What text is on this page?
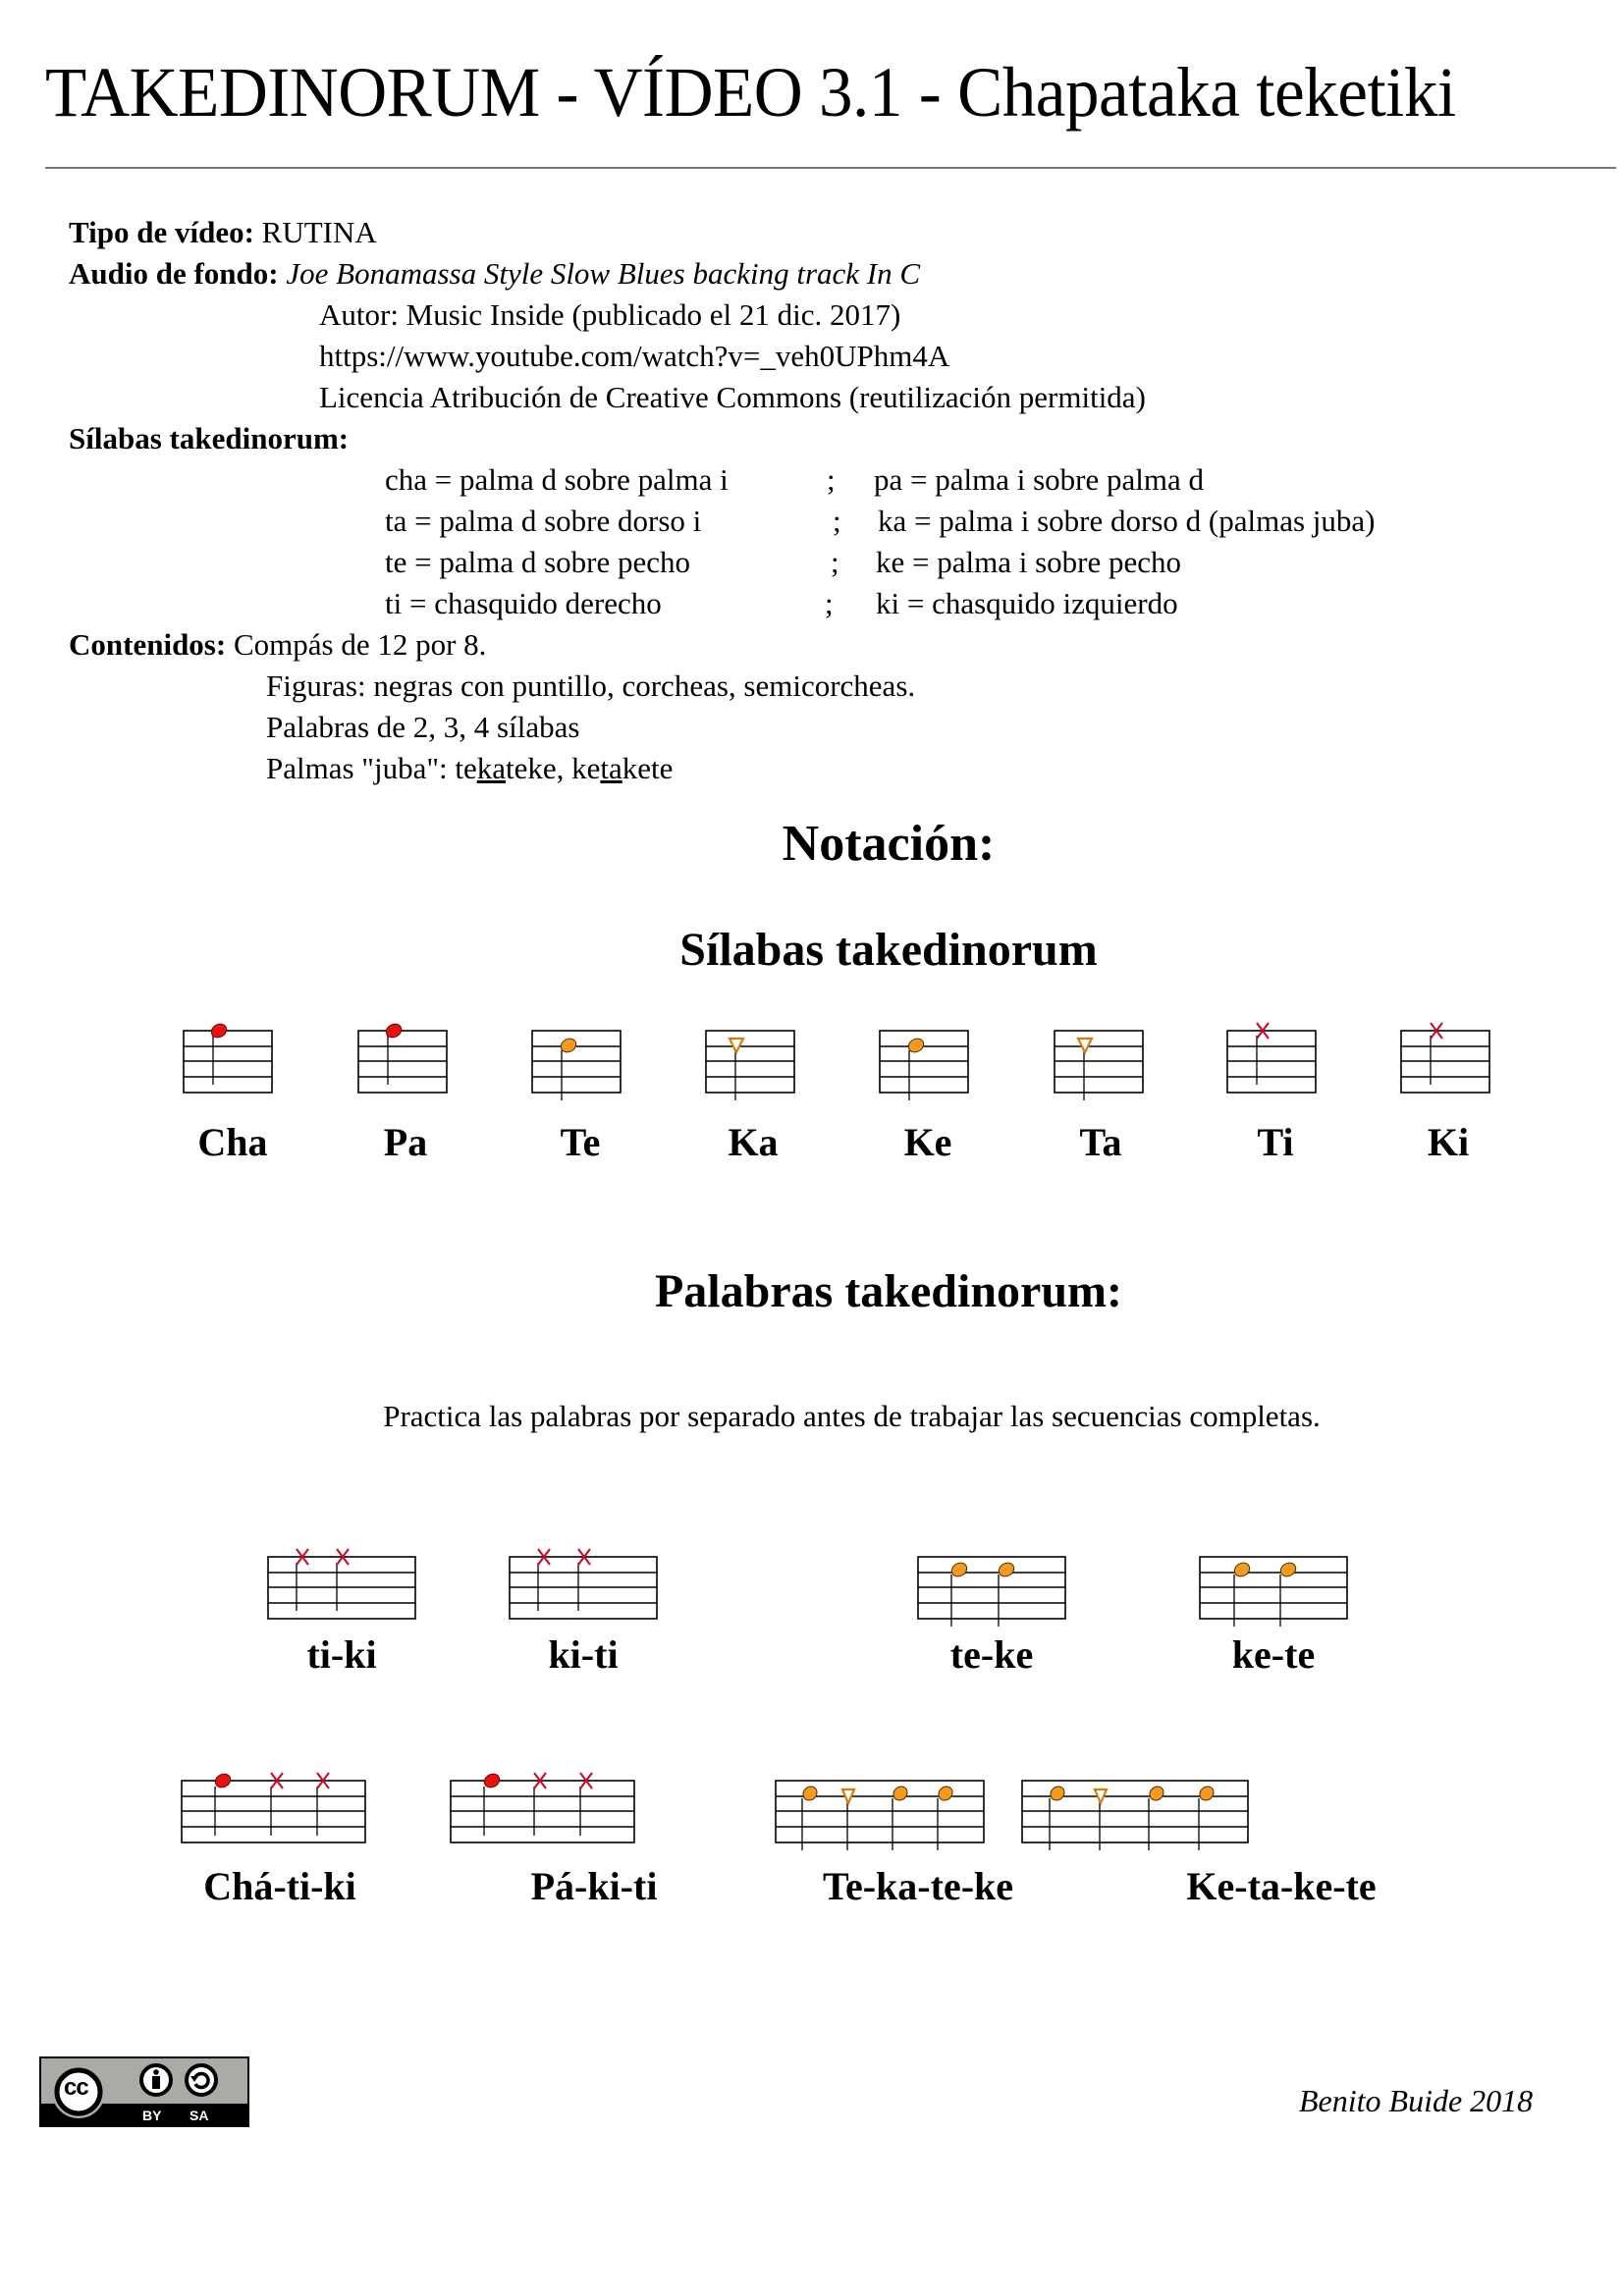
TAKEDINORUM - VÍDEO 3.1 - Chapataka teketiki
Tipo de vídeo: RUTINA
Audio de fondo: Joe Bonamassa Style Slow Blues backing track In C
Autor: Music Inside (publicado el 21 dic. 2017)
https://www.youtube.com/watch?v=_veh0UPhm4A
Licencia Atribución de Creative Commons (reutilización permitida)
Sílabas takedinorum:
cha = palma d sobre palma i	; pa = palma i sobre palma d
ta = palma d sobre dorso i	; ka = palma i sobre dorso d (palmas juba)
te = palma d sobre pecho	; ke = palma i sobre pecho
ti = chasquido derecho	; ki = chasquido izquierdo
Contenidos: Compás de 12 por 8.
Figuras: negras con puntillo, corcheas, semicorcheas.
Palabras de 2, 3, 4 sílabas
Palmas "juba": tekateke, ketakete
Notación:
Sílabas takedinorum
Cha	Pa	Te	Ka	Ke	Ta	Ti	Ki
Palabras takedinorum:
Practica las palabras por separado antes de trabajar las secuencias completas.
ti-ki	ki-ti	te-ke	ke-te
Chá-ti-ki	Pá-ki-ti	Te-ka-te-ke	Ke-ta-ke-te
cc
BY SA	Benito Buide 2018
